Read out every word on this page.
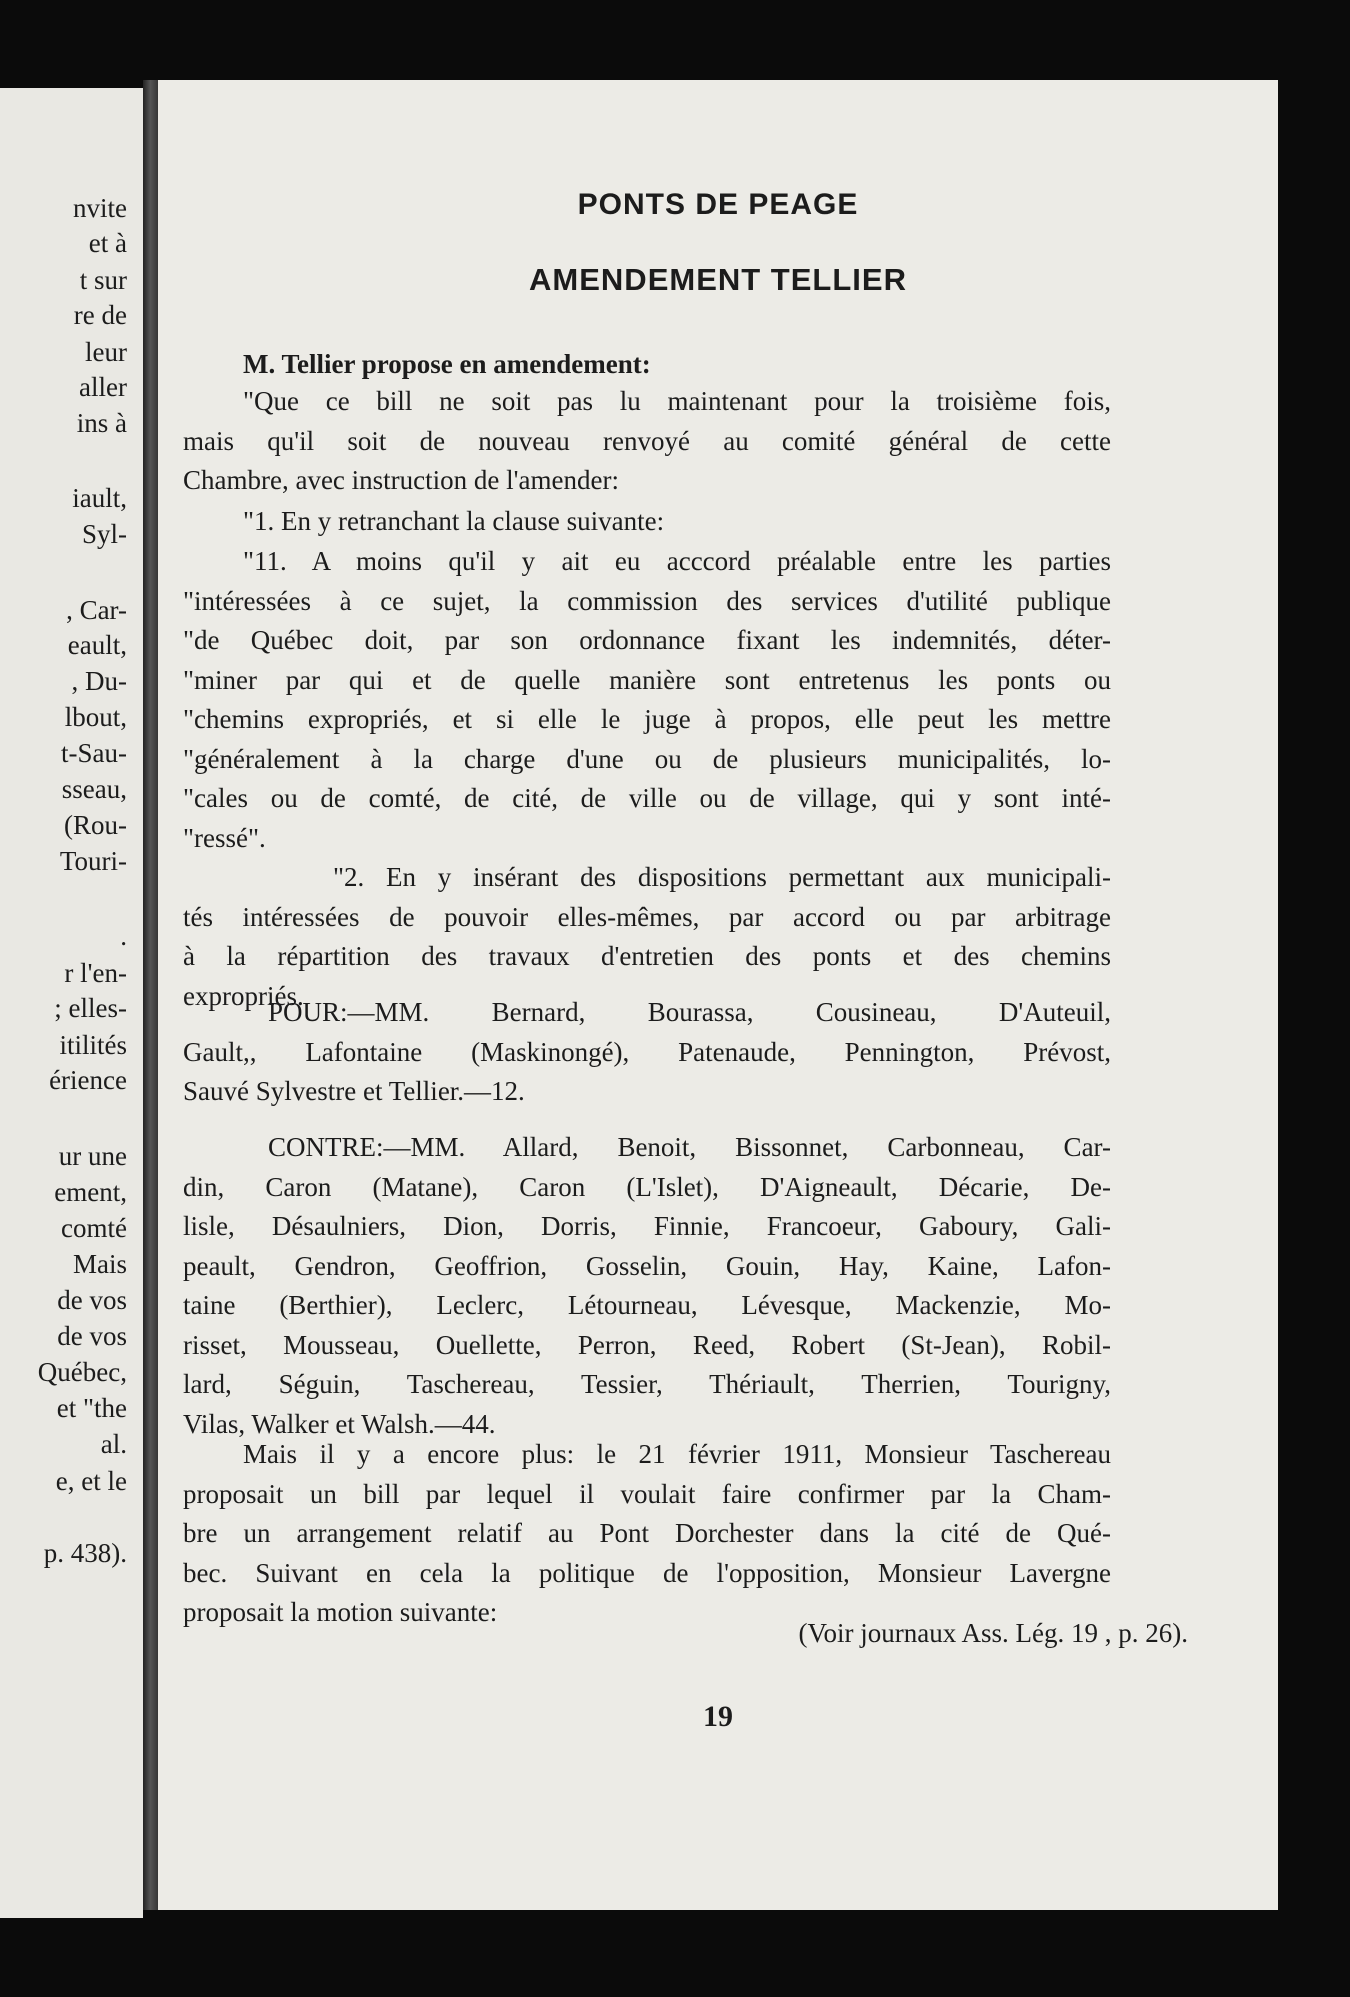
nvite
et à
t sur
re de
leur
aller
ins à
iault,
Syl-
, Car-
eault,
, Du-
lbout,
t-Sau-
sseau,
(Rou-
Touri-
.
r l'en-
; elles-
itilités
érience
ur une
ement,
comté
Mais
de vos
de vos
Québec,
et "the
al.
e, et le
p. 438).
PONTS DE PEAGE
AMENDEMENT TELLIER
M. Tellier propose en amendement:
"Que ce bill ne soit pas lu maintenant pour la troisième fois,
mais qu'il soit de nouveau renvoyé au comité général de cette
Chambre, avec instruction de l'amender:
"1. En y retranchant la clause suivante:
"11. A moins qu'il y ait eu acccord préalable entre les parties
"intéressées à ce sujet, la commission des services d'utilité publique
"de Québec doit, par son ordonnance fixant les indemnités, déter-
"miner par qui et de quelle manière sont entretenus les ponts ou
"chemins expropriés, et si elle le juge à propos, elle peut les mettre
"généralement à la charge d'une ou de plusieurs municipalités, lo-
"cales ou de comté, de cité, de ville ou de village, qui y sont inté-
"ressé".
"2. En y insérant des dispositions permettant aux municipali-
tés intéressées de pouvoir elles-mêmes, par accord ou par arbitrage
à la répartition des travaux d'entretien des ponts et des chemins
expropriés.
POUR:—MM. Bernard, Bourassa, Cousineau, D'Auteuil,
Gault,, Lafontaine (Maskinongé), Patenaude, Pennington, Prévost,
Sauvé Sylvestre et Tellier.—12.
CONTRE:—MM. Allard, Benoit, Bissonnet, Carbonneau, Car-
din, Caron (Matane), Caron (L'Islet), D'Aigneault, Décarie, De-
lisle, Désaulniers, Dion, Dorris, Finnie, Francoeur, Gaboury, Gali-
peault, Gendron, Geoffrion, Gosselin, Gouin, Hay, Kaine, Lafon-
taine (Berthier), Leclerc, Létourneau, Lévesque, Mackenzie, Mo-
risset, Mousseau, Ouellette, Perron, Reed, Robert (St-Jean), Robil-
lard, Séguin, Taschereau, Tessier, Thériault, Therrien, Tourigny,
Vilas, Walker et Walsh.—44.
Mais il y a encore plus: le 21 février 1911, Monsieur Taschereau
proposait un bill par lequel il voulait faire confirmer par la Cham-
bre un arrangement relatif au Pont Dorchester dans la cité de Qué-
bec. Suivant en cela la politique de l'opposition, Monsieur Lavergne
proposait la motion suivante:
(Voir journaux Ass. Lég. 19 , p. 26).
19
